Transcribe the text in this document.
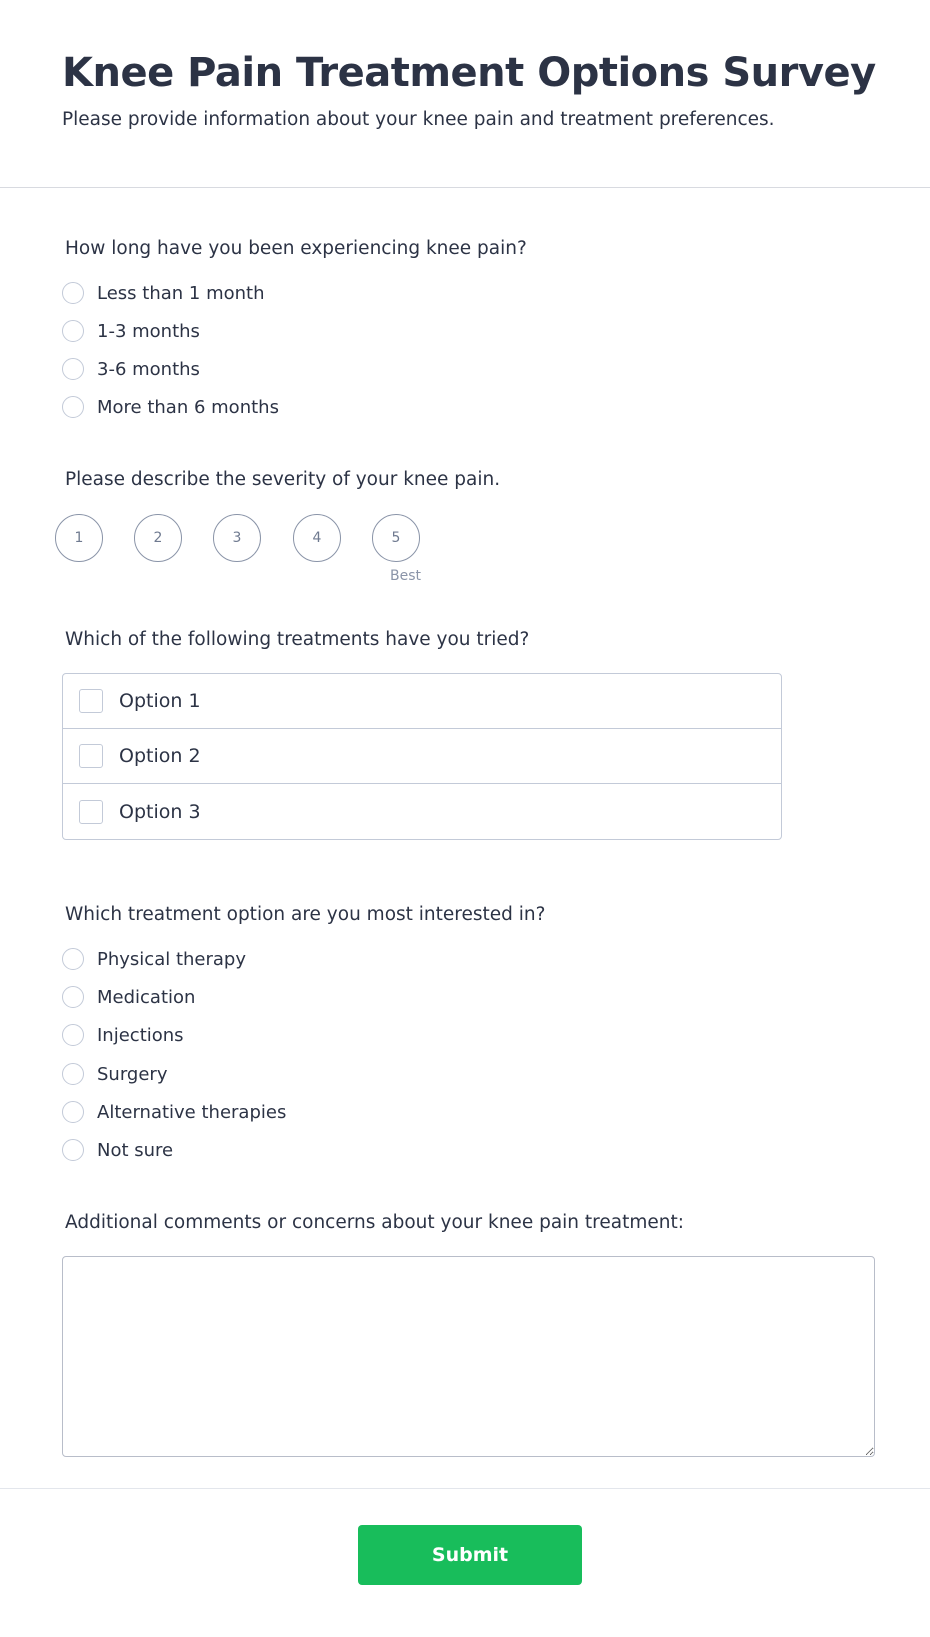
Knee Pain Treatment Options Survey

Please provide information about your knee pain and treatment preferences.

How long have you been experiencing knee pain?
Less than 1 month
1-3 months
3-6 months
More than 6 months
Please describe the severity of your knee pain.
1	2	3	4	5
Best
Which of the following treatments have you tried?
Option 1
Option 2
Option 3
Which treatment option are you most interested in?
Physical therapy
Medication
Injections
Surgery
Alternative therapies
Not sure
Additional comments or concerns about your knee pain treatment:
Submit
